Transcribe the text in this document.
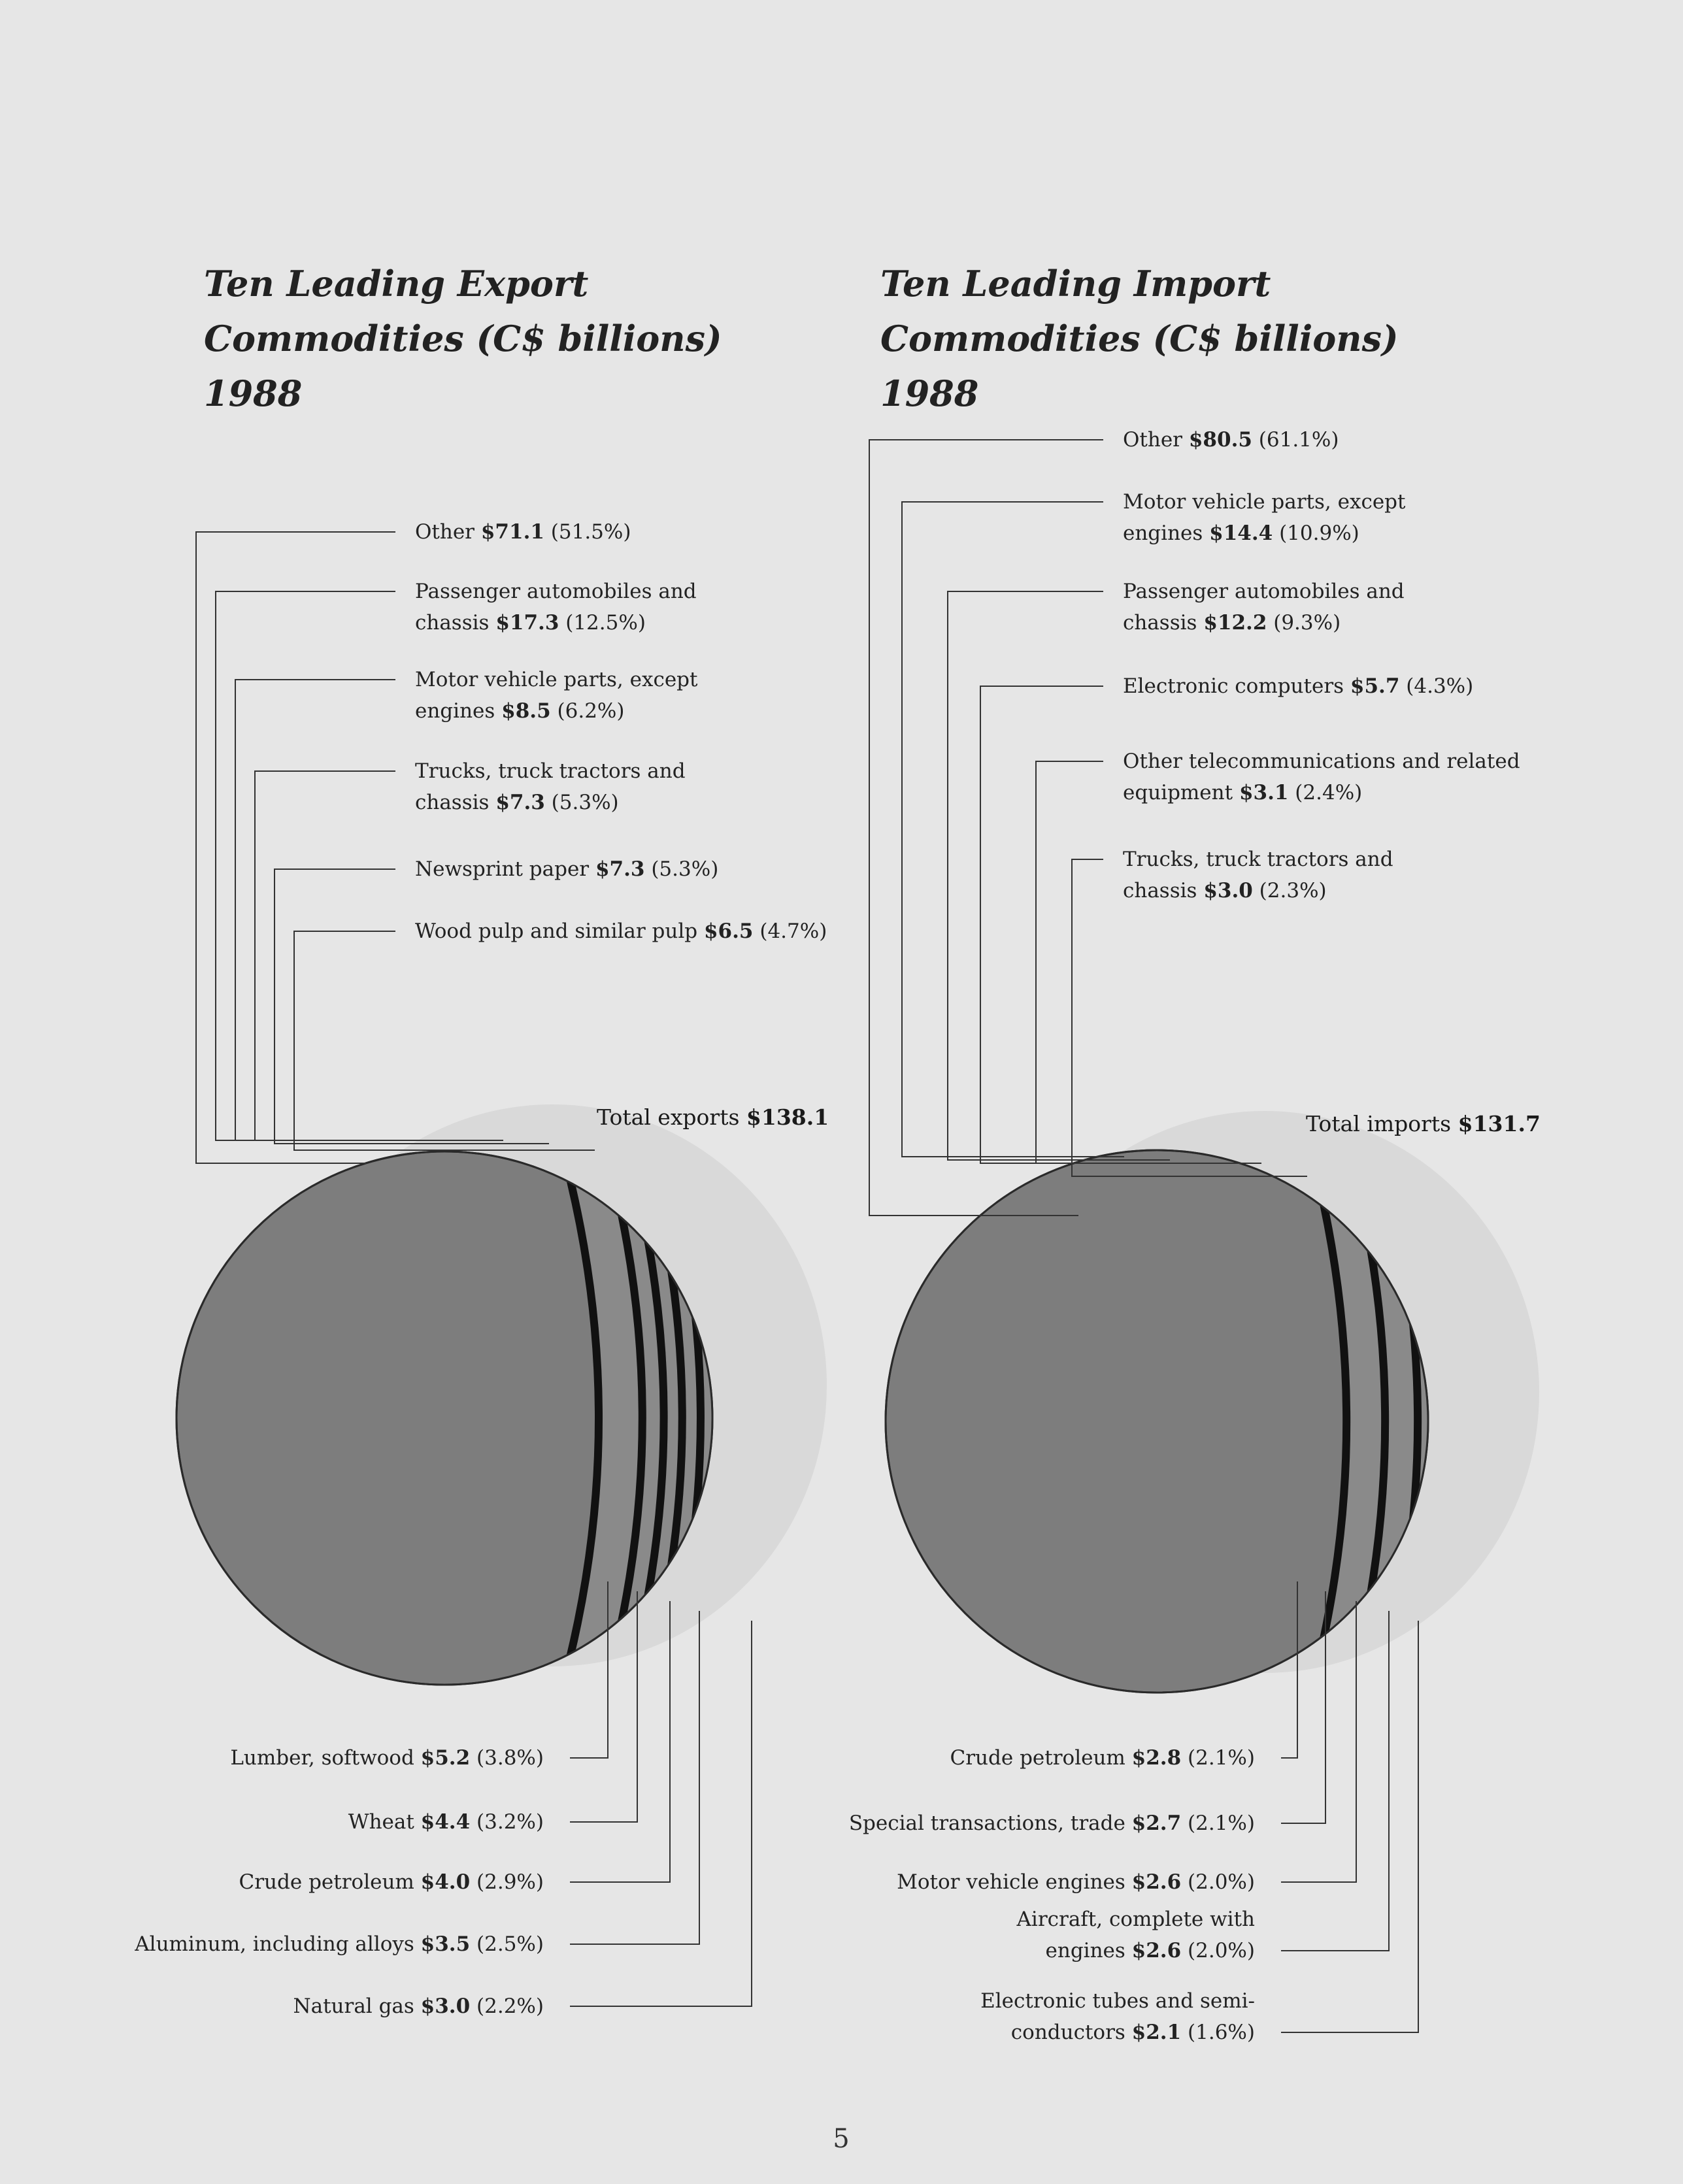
Ten Leading Export
Commodities (C$ billions)
1988
Ten Leading Import
Commodities (C$ billions)
1988
Total exports $138.1	Total imports $131.7
Other $71.1 (51.5%)
Passenger automobiles and
chassis $17.3 (12.5%)
Motor vehicle parts, except
engines $8.5 (6.2%)
Trucks, truck tractors and
chassis $7.3 (5.3%)
Newsprint paper $7.3 (5.3%)
Wood pulp and similar pulp $6.5 (4.7%)
Lumber, softwood $5.2 (3.8%)
Wheat $4.4 (3.2%)
Crude petroleum $4.0 (2.9%)
Aluminum, including alloys $3.5 (2.5%)
Natural gas $3.0 (2.2%)
Other $80.5 (61.1%)
Motor vehicle parts, except
engines $14.4 (10.9%)
Passenger automobiles and
chassis $12.2 (9.3%)
Electronic computers $5.7 (4.3%)
Other telecommunications and related
equipment $3.1 (2.4%)
Trucks, truck tractors and
chassis $3.0 (2.3%)
Crude petroleum $2.8 (2.1%)
Special transactions, trade $2.7 (2.1%)
Motor vehicle engines $2.6 (2.0%)
Aircraft, complete with
engines $2.6 (2.0%)
Electronic tubes and semi-
conductors $2.1 (1.6%)
5
